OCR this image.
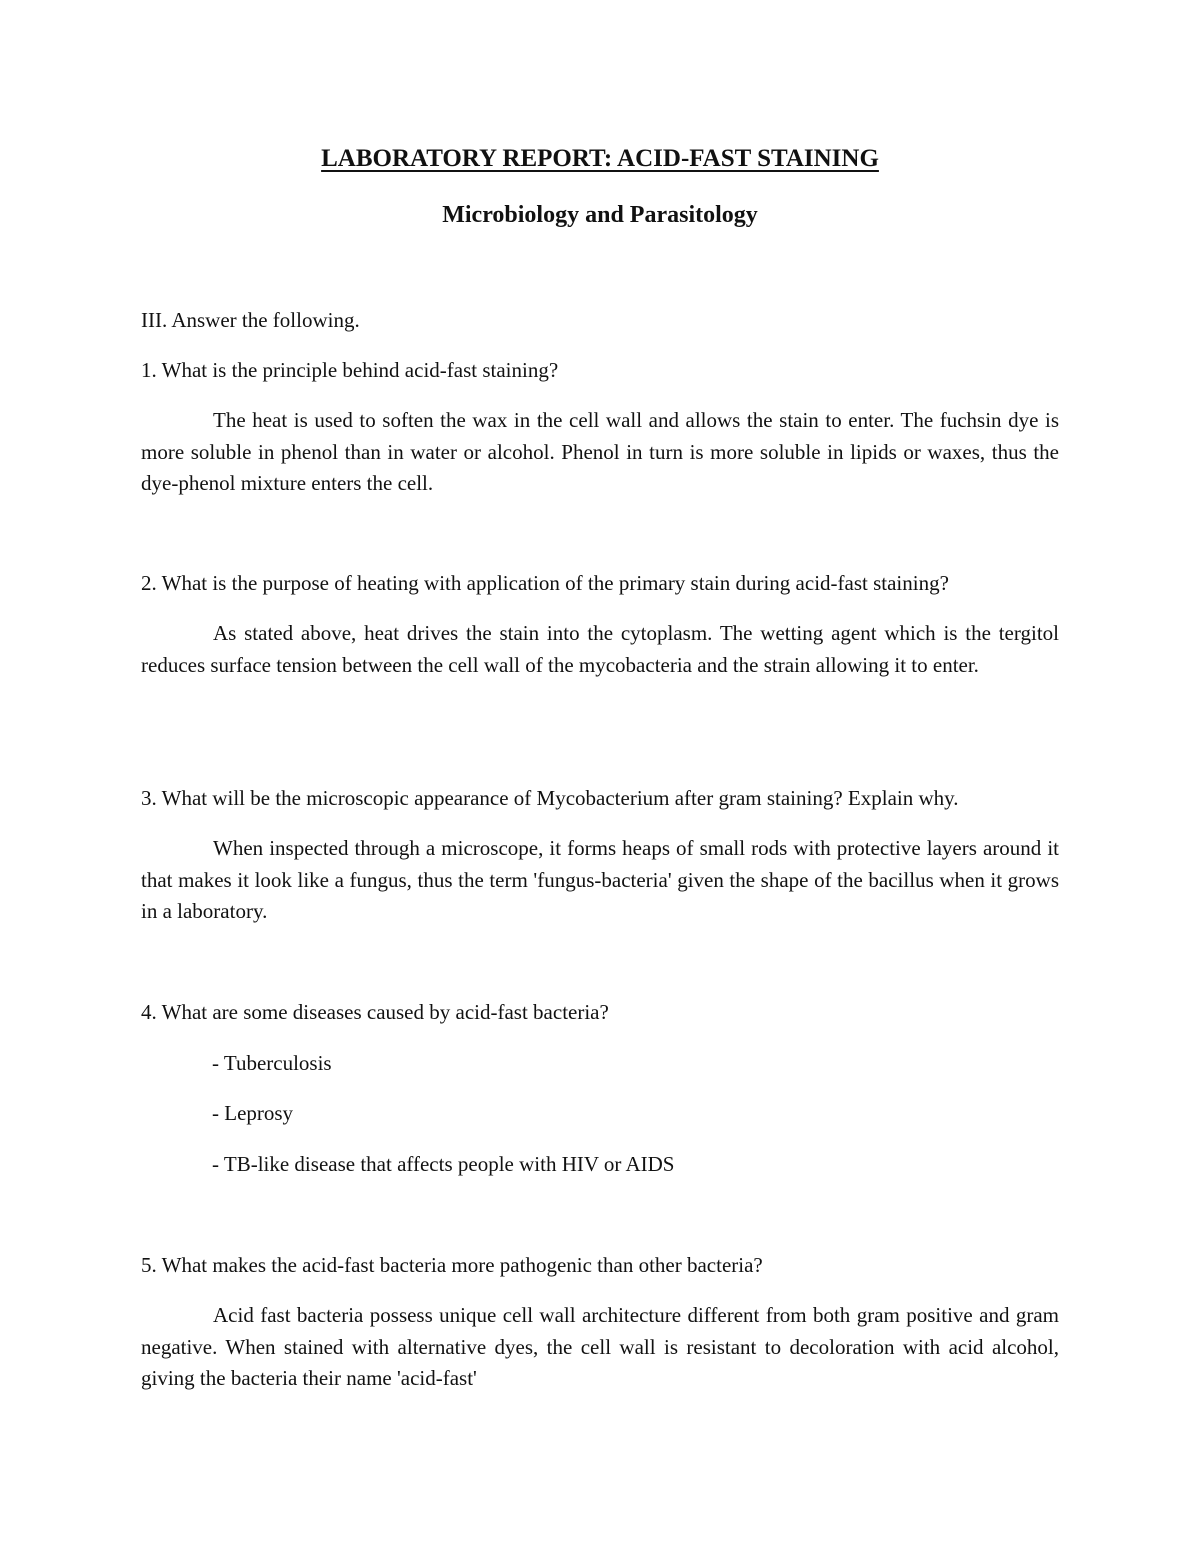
LABORATORY REPORT: ACID-FAST STAINING
Microbiology and Parasitology

III. Answer the following.

1. What is the principle behind acid-fast staining?

The heat is used to soften the wax in the cell wall and allows the stain to enter. The fuchsin dye is more soluble in phenol than in water or alcohol. Phenol in turn is more soluble in lipids or waxes, thus the dye-phenol mixture enters the cell.

2. What is the purpose of heating with application of the primary stain during acid-fast staining?

As stated above, heat drives the stain into the cytoplasm. The wetting agent which is the tergitol reduces surface tension between the cell wall of the mycobacteria and the strain allowing it to enter.

3. What will be the microscopic appearance of Mycobacterium after gram staining? Explain why.

When inspected through a microscope, it forms heaps of small rods with protective layers around it that makes it look like a fungus, thus the term 'fungus-bacteria' given the shape of the bacillus when it grows in a laboratory.

4. What are some diseases caused by acid-fast bacteria?

- Tuberculosis

- Leprosy

- TB-like disease that affects people with HIV or AIDS

5. What makes the acid-fast bacteria more pathogenic than other bacteria?

Acid fast bacteria possess unique cell wall architecture different from both gram positive and gram negative. When stained with alternative dyes, the cell wall is resistant to decoloration with acid alcohol, giving the bacteria their name 'acid-fast'
